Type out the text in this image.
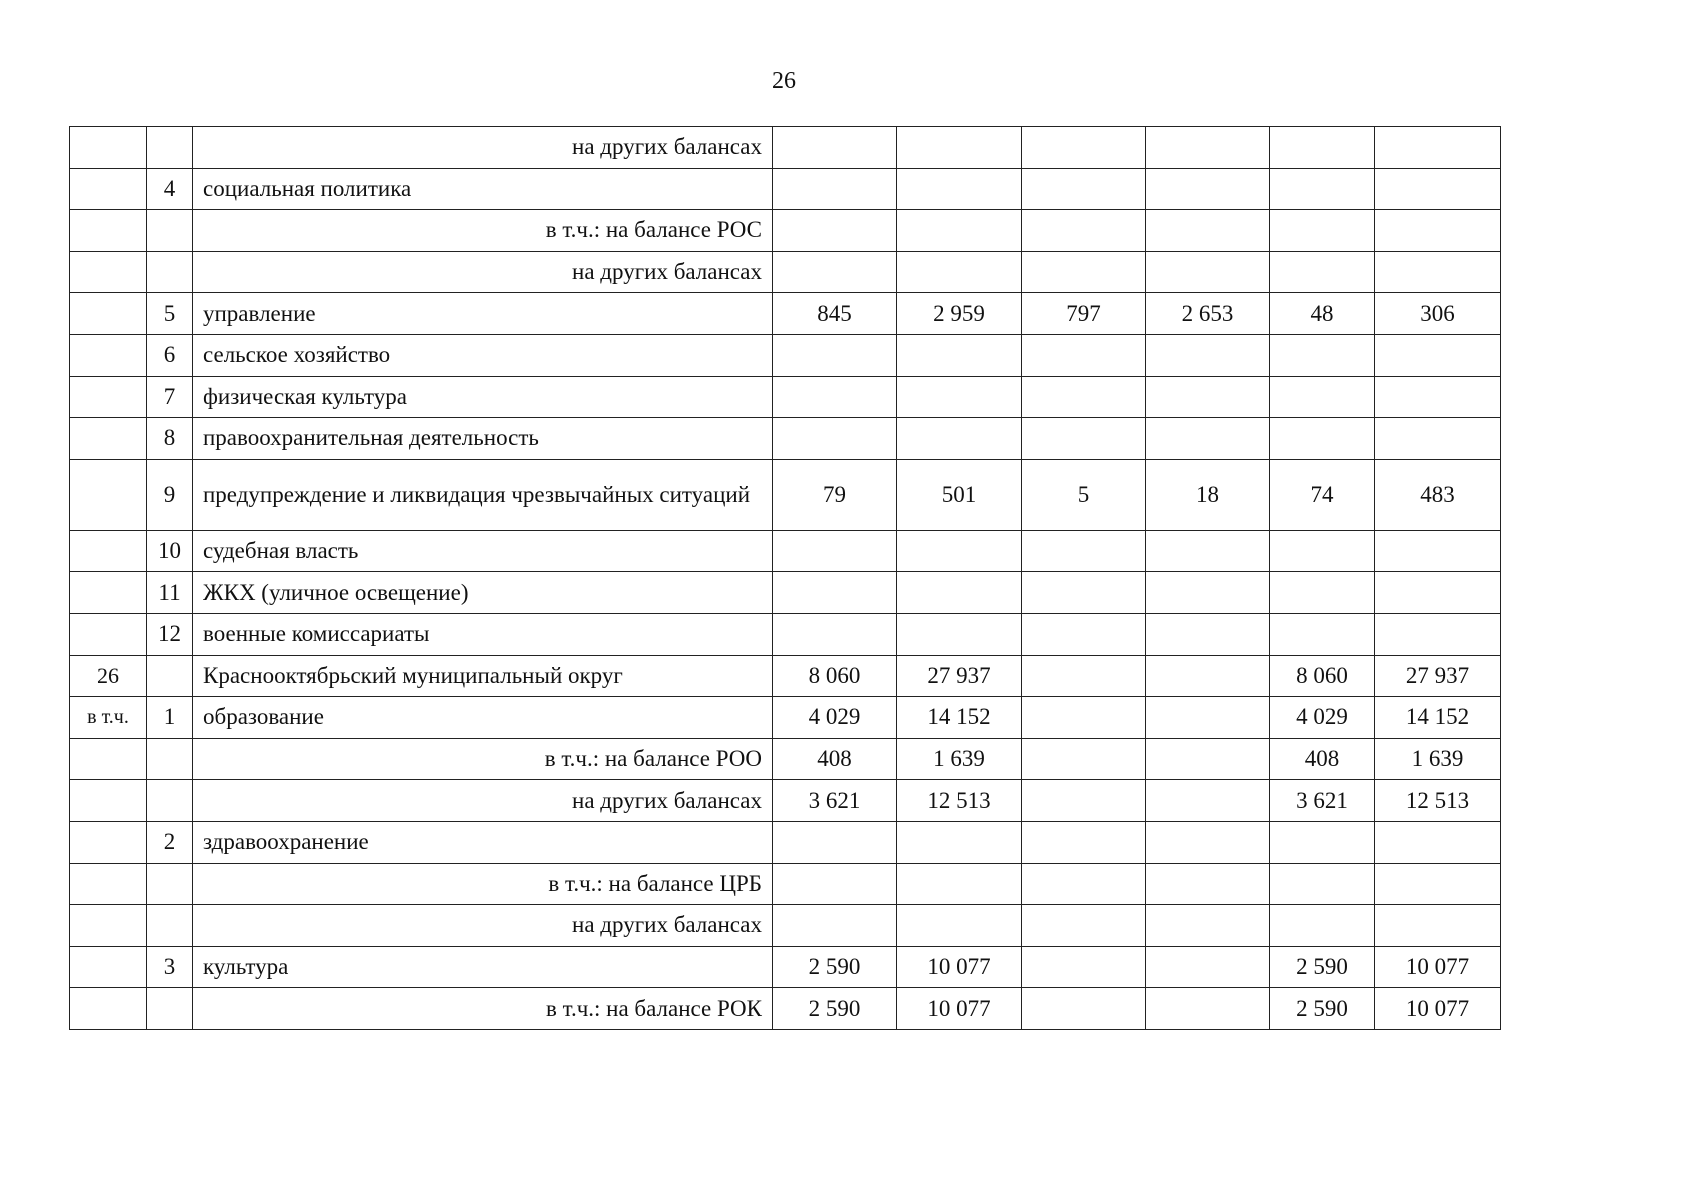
26
		на других балансах						
	4	социальная политика						
		в т.ч.: на балансе РОС						
		на других балансах						
	5	управление	845	2 959	797	2 653	48	306
	6	сельское хозяйство						
	7	физическая культура						
	8	правоохранительная деятельность						
	9	предупреждение и ликвидация чрезвычайных ситуаций	79	501	5	18	74	483
	10	судебная власть						
	11	ЖКХ (уличное освещение)						
	12	военные комиссариаты						
26		Краснооктябрьский муниципальный округ	8 060	27 937			8 060	27 937
в т.ч.	1	образование	4 029	14 152			4 029	14 152
		в т.ч.: на балансе РОО	408	1 639			408	1 639
		на других балансах	3 621	12 513			3 621	12 513
	2	здравоохранение						
		в т.ч.: на балансе ЦРБ						
		на других балансах						
	3	культура	2 590	10 077			2 590	10 077
		в т.ч.: на балансе РОК	2 590	10 077			2 590	10 077
